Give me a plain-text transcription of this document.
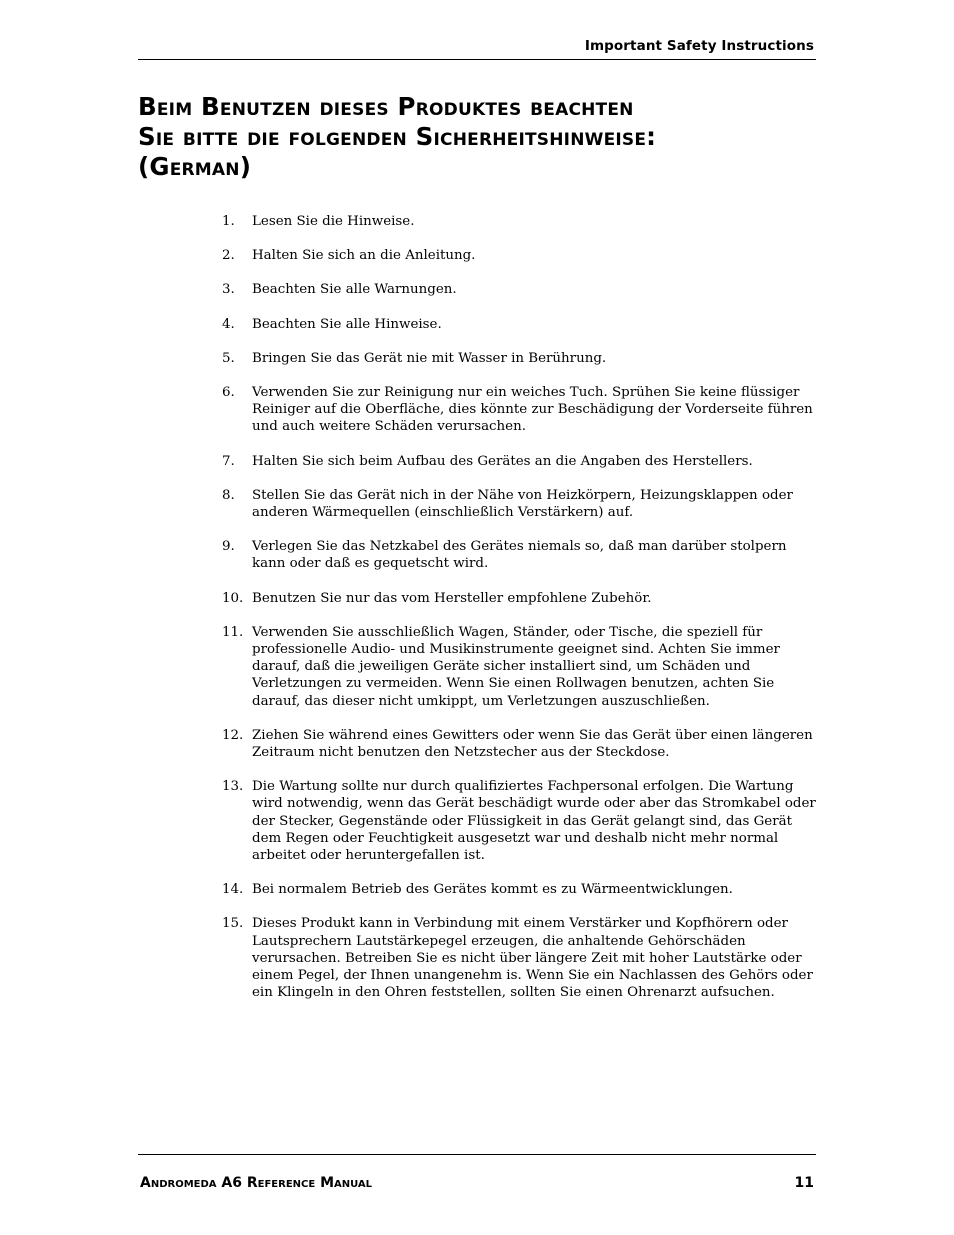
Important Safety Instructions
Beim Benutzen dieses Produktes beachten
Sie bitte die folgenden Sicherheitshinweise:
(German)
1. Lesen Sie die Hinweise.
2. Halten Sie sich an die Anleitung.
3. Beachten Sie alle Warnungen.
4. Beachten Sie alle Hinweise.
5. Bringen Sie das Gerät nie mit Wasser in Berührung.
6. Verwenden Sie zur Reinigung nur ein weiches Tuch. Sprühen Sie keine flüssiger Reiniger auf die Oberfläche, dies könnte zur Beschädigung der Vorderseite führen und auch weitere Schäden verursachen.
7. Halten Sie sich beim Aufbau des Gerätes an die Angaben des Herstellers.
8. Stellen Sie das Gerät nich in der Nähe von Heizkörpern, Heizungsklappen oder anderen Wärmequellen (einschließlich Verstärkern) auf.
9. Verlegen Sie das Netzkabel des Gerätes niemals so, daß man darüber stolpern kann oder daß es gequetscht wird.
10. Benutzen Sie nur das vom Hersteller empfohlene Zubehör.
11. Verwenden Sie ausschließlich Wagen, Ständer, oder Tische, die speziell für professionelle Audio- und Musikinstrumente geeignet sind. Achten Sie immer darauf, daß die jeweiligen Geräte sicher installiert sind, um Schäden und Verletzungen zu vermeiden. Wenn Sie einen Rollwagen benutzen, achten Sie darauf, das dieser nicht umkippt, um Verletzungen auszuschließen.
12. Ziehen Sie während eines Gewitters oder wenn Sie das Gerät über einen längeren Zeitraum nicht benutzen den Netzstecher aus der Steckdose.
13. Die Wartung sollte nur durch qualifiziertes Fachpersonal erfolgen. Die Wartung wird notwendig, wenn das Gerät beschädigt wurde oder aber das Stromkabel oder der Stecker, Gegenstände oder Flüssigkeit in das Gerät gelangt sind, das Gerät dem Regen oder Feuchtigkeit ausgesetzt war und deshalb nicht mehr normal arbeitet oder heruntergefallen ist.
14. Bei normalem Betrieb des Gerätes kommt es zu Wärmeentwicklungen.
15. Dieses Produkt kann in Verbindung mit einem Verstärker und Kopfhörern oder Lautsprechern Lautstärkepegel erzeugen, die anhaltende Gehörschäden verursachen. Betreiben Sie es nicht über längere Zeit mit hoher Lautstärke oder einem Pegel, der Ihnen unangenehm is. Wenn Sie ein Nachlassen des Gehörs oder ein Klingeln in den Ohren feststellen, sollten Sie einen Ohrenarzt aufsuchen.
Andromeda A6 Reference Manual	11
